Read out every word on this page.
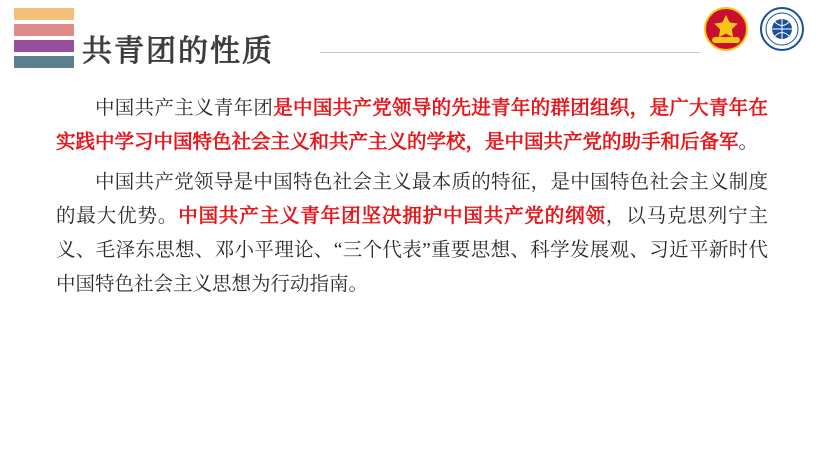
共青团的性质

中国共产主义青年团是中国共产党领导的先进青年的群团组织，是广大青年在实践中学习中国特色社会主义和共产主义的学校，是中国共产党的助手和后备军。

中国共产党领导是中国特色社会主义最本质的特征，是中国特色社会主义制度的最大优势。中国共产主义青年团坚决拥护中国共产党的纲领，以马克思列宁主义、毛泽东思想、邓小平理论、“三个代表”重要思想、科学发展观、习近平新时代中国特色社会主义思想为行动指南。
